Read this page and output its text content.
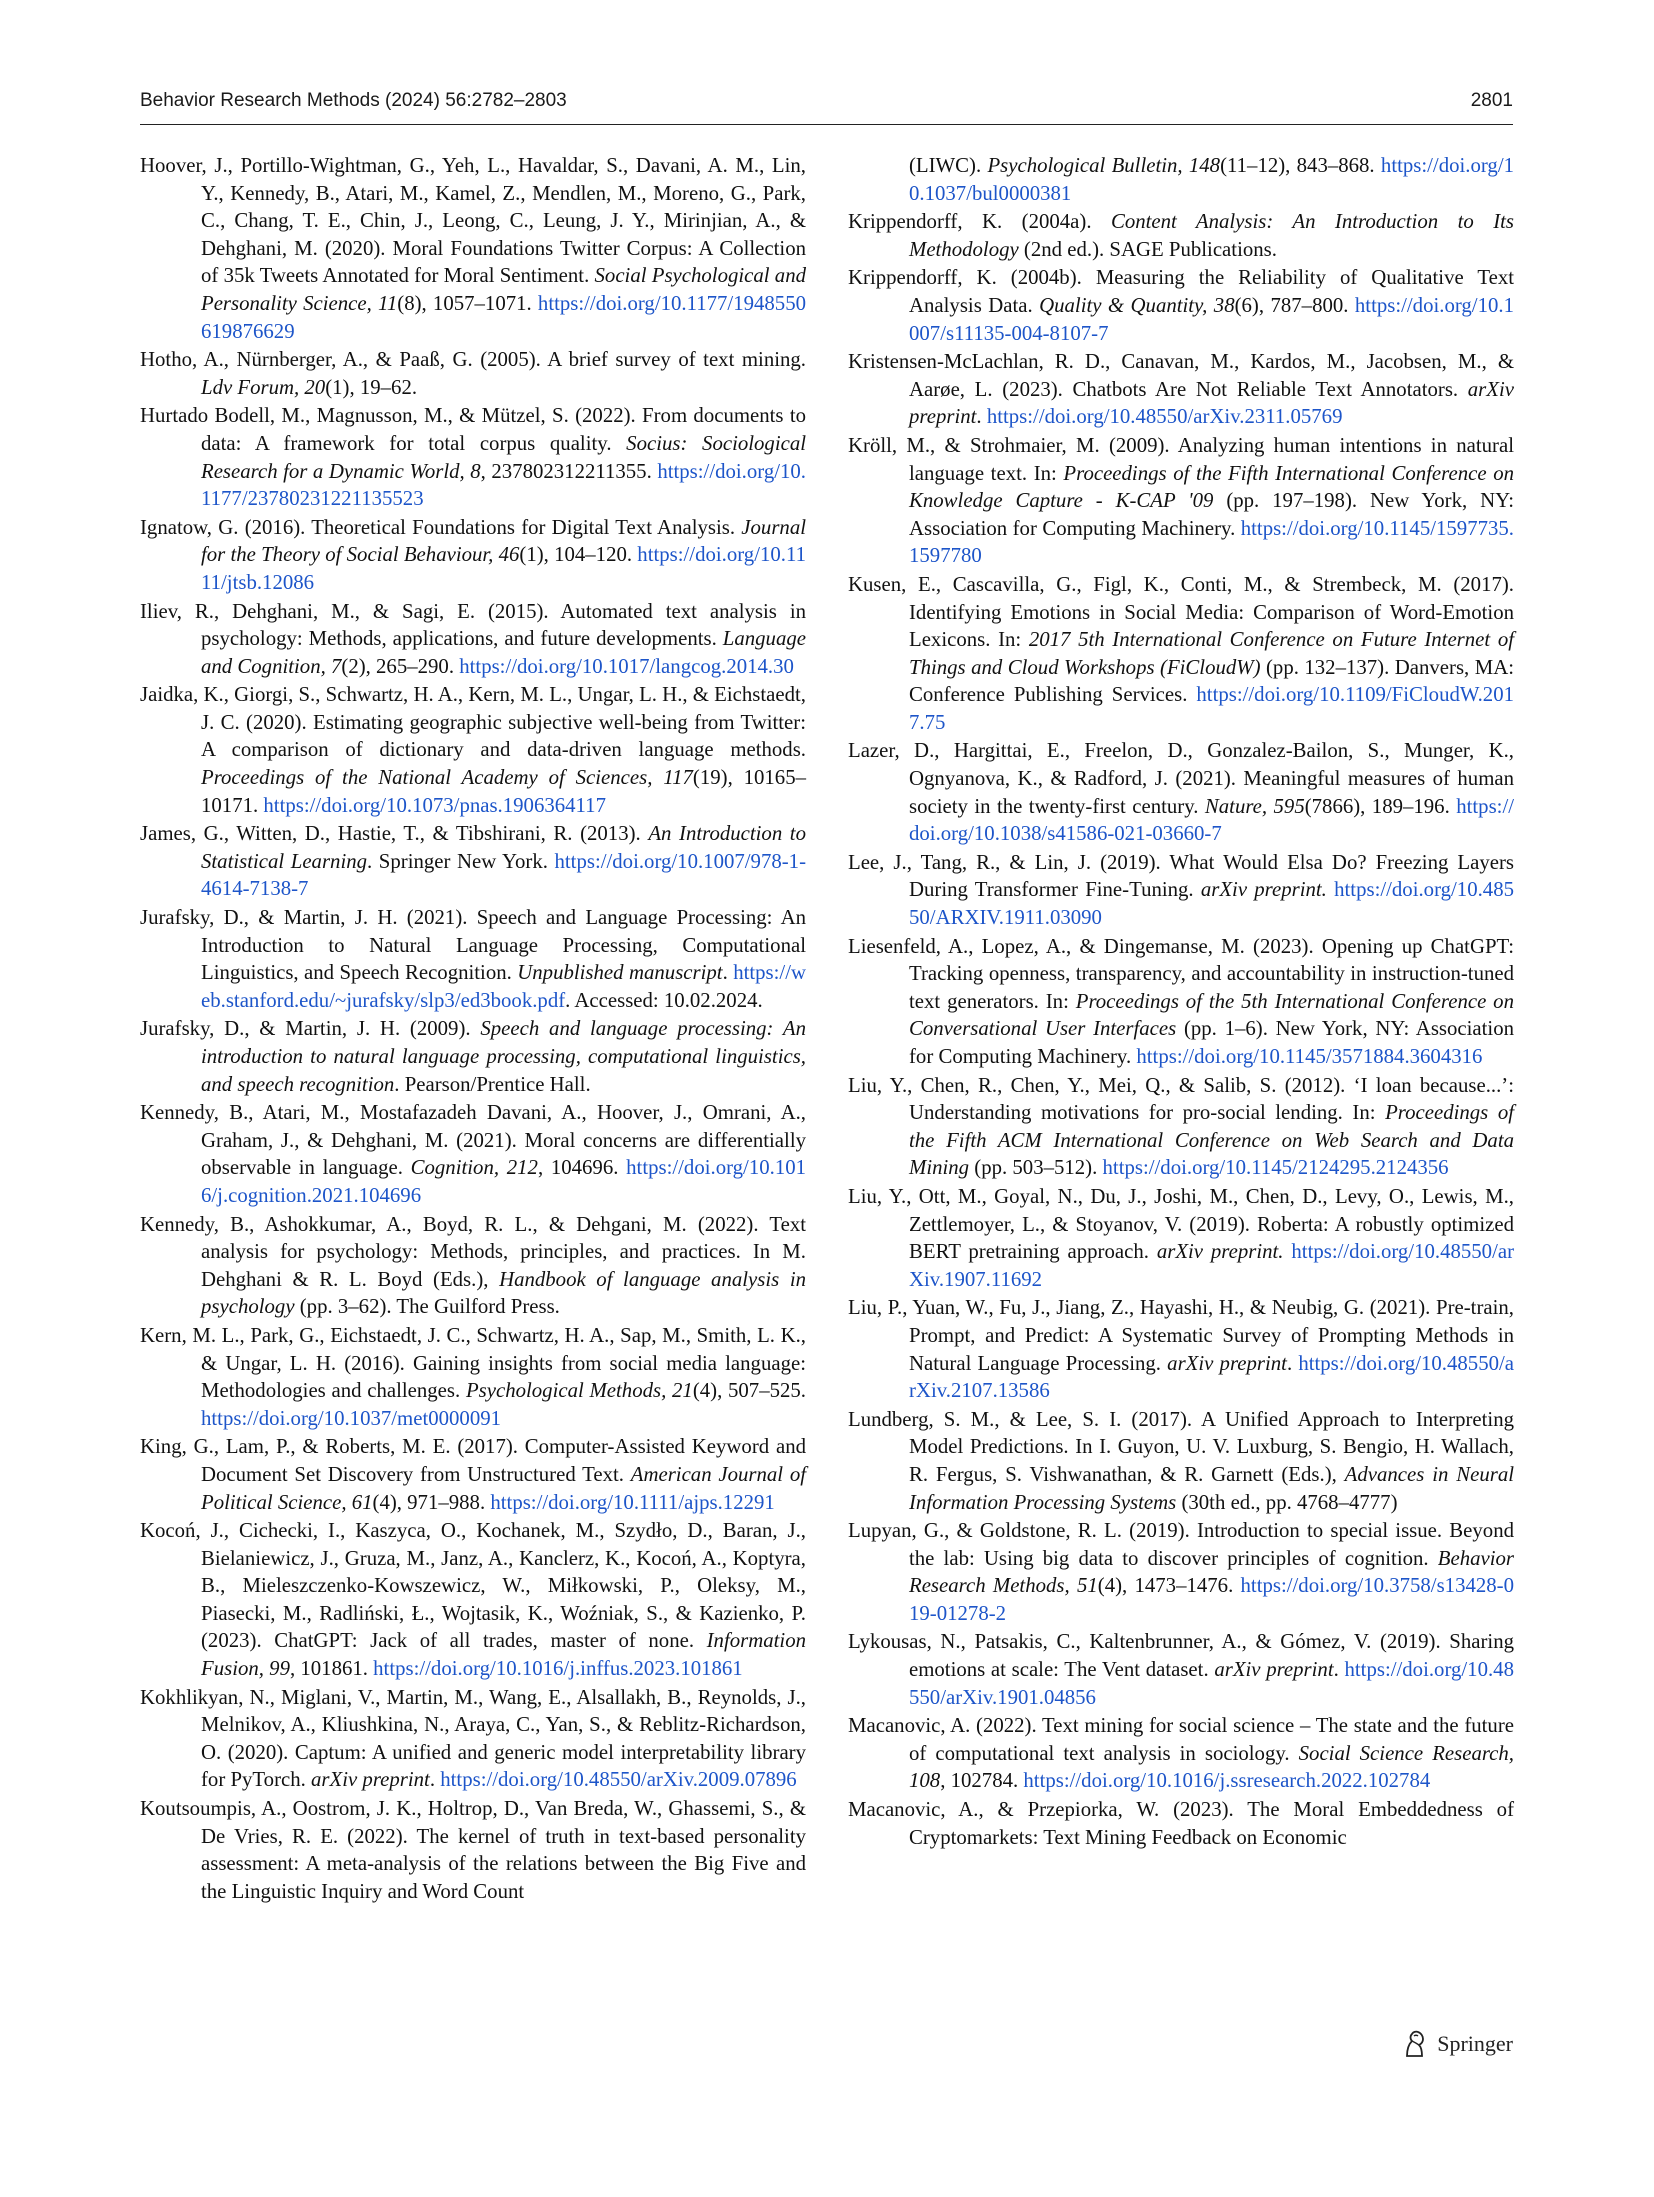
Behavior Research Methods (2024) 56:2782–2803	2801

Hoover, J., Portillo-Wightman, G., Yeh, L., Havaldar, S., Davani, A. M., Lin, Y., Kennedy, B., Atari, M., Kamel, Z., Mendlen, M., Moreno, G., Park, C., Chang, T. E., Chin, J., Leong, C., Leung, J. Y., Mirinjian, A., & Dehghani, M. (2020). Moral Foundations Twitter Corpus: A Collection of 35k Tweets Annotated for Moral Sentiment. Social Psychological and Personality Science, 11(8), 1057–1071. https://doi.org/10.1177/1948550619876629

Hotho, A., Nürnberger, A., & Paaß, G. (2005). A brief survey of text mining. Ldv Forum, 20(1), 19–62.

Hurtado Bodell, M., Magnusson, M., & Mützel, S. (2022). From documents to data: A framework for total corpus quality. Socius: Sociological Research for a Dynamic World, 8, 237802312211355. https://doi.org/10.1177/23780231221135523

Ignatow, G. (2016). Theoretical Foundations for Digital Text Analysis. Journal for the Theory of Social Behaviour, 46(1), 104–120. https://doi.org/10.1111/jtsb.12086

Iliev, R., Dehghani, M., & Sagi, E. (2015). Automated text analysis in psychology: Methods, applications, and future developments. Language and Cognition, 7(2), 265–290. https://doi.org/10.1017/langcog.2014.30

Jaidka, K., Giorgi, S., Schwartz, H. A., Kern, M. L., Ungar, L. H., & Eichstaedt, J. C. (2020). Estimating geographic subjective well-being from Twitter: A comparison of dictionary and data-driven language methods. Proceedings of the National Academy of Sciences, 117(19), 10165–10171. https://doi.org/10.1073/pnas.1906364117

James, G., Witten, D., Hastie, T., & Tibshirani, R. (2013). An Introduction to Statistical Learning. Springer New York. https://doi.org/10.1007/978-1-4614-7138-7

Jurafsky, D., & Martin, J. H. (2021). Speech and Language Processing: An Introduction to Natural Language Processing, Computational Linguistics, and Speech Recognition. Unpublished manuscript. https://web.stanford.edu/~jurafsky/slp3/ed3book.pdf. Accessed: 10.02.2024.

Jurafsky, D., & Martin, J. H. (2009). Speech and language processing: An introduction to natural language processing, computational linguistics, and speech recognition. Pearson/Prentice Hall.

Kennedy, B., Atari, M., Mostafazadeh Davani, A., Hoover, J., Omrani, A., Graham, J., & Dehghani, M. (2021). Moral concerns are differentially observable in language. Cognition, 212, 104696. https://doi.org/10.1016/j.cognition.2021.104696

Kennedy, B., Ashokkumar, A., Boyd, R. L., & Dehgani, M. (2022). Text analysis for psychology: Methods, principles, and practices. In M. Dehghani & R. L. Boyd (Eds.), Handbook of language analysis in psychology (pp. 3–62). The Guilford Press.

Kern, M. L., Park, G., Eichstaedt, J. C., Schwartz, H. A., Sap, M., Smith, L. K., & Ungar, L. H. (2016). Gaining insights from social media language: Methodologies and challenges. Psychological Methods, 21(4), 507–525. https://doi.org/10.1037/met0000091

King, G., Lam, P., & Roberts, M. E. (2017). Computer-Assisted Keyword and Document Set Discovery from Unstructured Text. American Journal of Political Science, 61(4), 971–988. https://doi.org/10.1111/ajps.12291

Kocoń, J., Cichecki, I., Kaszyca, O., Kochanek, M., Szydło, D., Baran, J., Bielaniewicz, J., Gruza, M., Janz, A., Kanclerz, K., Kocoń, A., Koptyra, B., Mieleszczenko-Kowszewicz, W., Miłkowski, P., Oleksy, M., Piasecki, M., Radliński, Ł., Wojtasik, K., Woźniak, S., & Kazienko, P. (2023). ChatGPT: Jack of all trades, master of none. Information Fusion, 99, 101861. https://doi.org/10.1016/j.inffus.2023.101861

Kokhlikyan, N., Miglani, V., Martin, M., Wang, E., Alsallakh, B., Reynolds, J., Melnikov, A., Kliushkina, N., Araya, C., Yan, S., & Reblitz-Richardson, O. (2020). Captum: A unified and generic model interpretability library for PyTorch. arXiv preprint. https://doi.org/10.48550/arXiv.2009.07896

Koutsoumpis, A., Oostrom, J. K., Holtrop, D., Van Breda, W., Ghassemi, S., & De Vries, R. E. (2022). The kernel of truth in text-based personality assessment: A meta-analysis of the relations between the Big Five and the Linguistic Inquiry and Word Count

(LIWC). Psychological Bulletin, 148(11–12), 843–868. https://doi.org/10.1037/bul0000381

Krippendorff, K. (2004a). Content Analysis: An Introduction to Its Methodology (2nd ed.). SAGE Publications.

Krippendorff, K. (2004b). Measuring the Reliability of Qualitative Text Analysis Data. Quality & Quantity, 38(6), 787–800. https://doi.org/10.1007/s11135-004-8107-7

Kristensen-McLachlan, R. D., Canavan, M., Kardos, M., Jacobsen, M., & Aarøe, L. (2023). Chatbots Are Not Reliable Text Annotators. arXiv preprint. https://doi.org/10.48550/arXiv.2311.05769

Kröll, M., & Strohmaier, M. (2009). Analyzing human intentions in natural language text. In: Proceedings of the Fifth International Conference on Knowledge Capture - K-CAP '09 (pp. 197–198). New York, NY: Association for Computing Machinery. https://doi.org/10.1145/1597735.1597780

Kusen, E., Cascavilla, G., Figl, K., Conti, M., & Strembeck, M. (2017). Identifying Emotions in Social Media: Comparison of Word-Emotion Lexicons. In: 2017 5th International Conference on Future Internet of Things and Cloud Workshops (FiCloudW) (pp. 132–137). Danvers, MA: Conference Publishing Services. https://doi.org/10.1109/FiCloudW.2017.75

Lazer, D., Hargittai, E., Freelon, D., Gonzalez-Bailon, S., Munger, K., Ognyanova, K., & Radford, J. (2021). Meaningful measures of human society in the twenty-first century. Nature, 595(7866), 189–196. https://doi.org/10.1038/s41586-021-03660-7

Lee, J., Tang, R., & Lin, J. (2019). What Would Elsa Do? Freezing Layers During Transformer Fine-Tuning. arXiv preprint. https://doi.org/10.48550/ARXIV.1911.03090

Liesenfeld, A., Lopez, A., & Dingemanse, M. (2023). Opening up ChatGPT: Tracking openness, transparency, and accountability in instruction-tuned text generators. In: Proceedings of the 5th International Conference on Conversational User Interfaces (pp. 1–6). New York, NY: Association for Computing Machinery. https://doi.org/10.1145/3571884.3604316

Liu, Y., Chen, R., Chen, Y., Mei, Q., & Salib, S. (2012). ‘I loan because...’: Understanding motivations for pro-social lending. In: Proceedings of the Fifth ACM International Conference on Web Search and Data Mining (pp. 503–512). https://doi.org/10.1145/2124295.2124356

Liu, Y., Ott, M., Goyal, N., Du, J., Joshi, M., Chen, D., Levy, O., Lewis, M., Zettlemoyer, L., & Stoyanov, V. (2019). Roberta: A robustly optimized BERT pretraining approach. arXiv preprint. https://doi.org/10.48550/arXiv.1907.11692

Liu, P., Yuan, W., Fu, J., Jiang, Z., Hayashi, H., & Neubig, G. (2021). Pre-train, Prompt, and Predict: A Systematic Survey of Prompting Methods in Natural Language Processing. arXiv preprint. https://doi.org/10.48550/arXiv.2107.13586

Lundberg, S. M., & Lee, S. I. (2017). A Unified Approach to Interpreting Model Predictions. In I. Guyon, U. V. Luxburg, S. Bengio, H. Wallach, R. Fergus, S. Vishwanathan, & R. Garnett (Eds.), Advances in Neural Information Processing Systems (30th ed., pp. 4768–4777)

Lupyan, G., & Goldstone, R. L. (2019). Introduction to special issue. Beyond the lab: Using big data to discover principles of cognition. Behavior Research Methods, 51(4), 1473–1476. https://doi.org/10.3758/s13428-019-01278-2

Lykousas, N., Patsakis, C., Kaltenbrunner, A., & Gómez, V. (2019). Sharing emotions at scale: The Vent dataset. arXiv preprint. https://doi.org/10.48550/arXiv.1901.04856

Macanovic, A. (2022). Text mining for social science – The state and the future of computational text analysis in sociology. Social Science Research, 108, 102784. https://doi.org/10.1016/j.ssresearch.2022.102784

Macanovic, A., & Przepiorka, W. (2023). The Moral Embeddedness of Cryptomarkets: Text Mining Feedback on Economic

Springer
